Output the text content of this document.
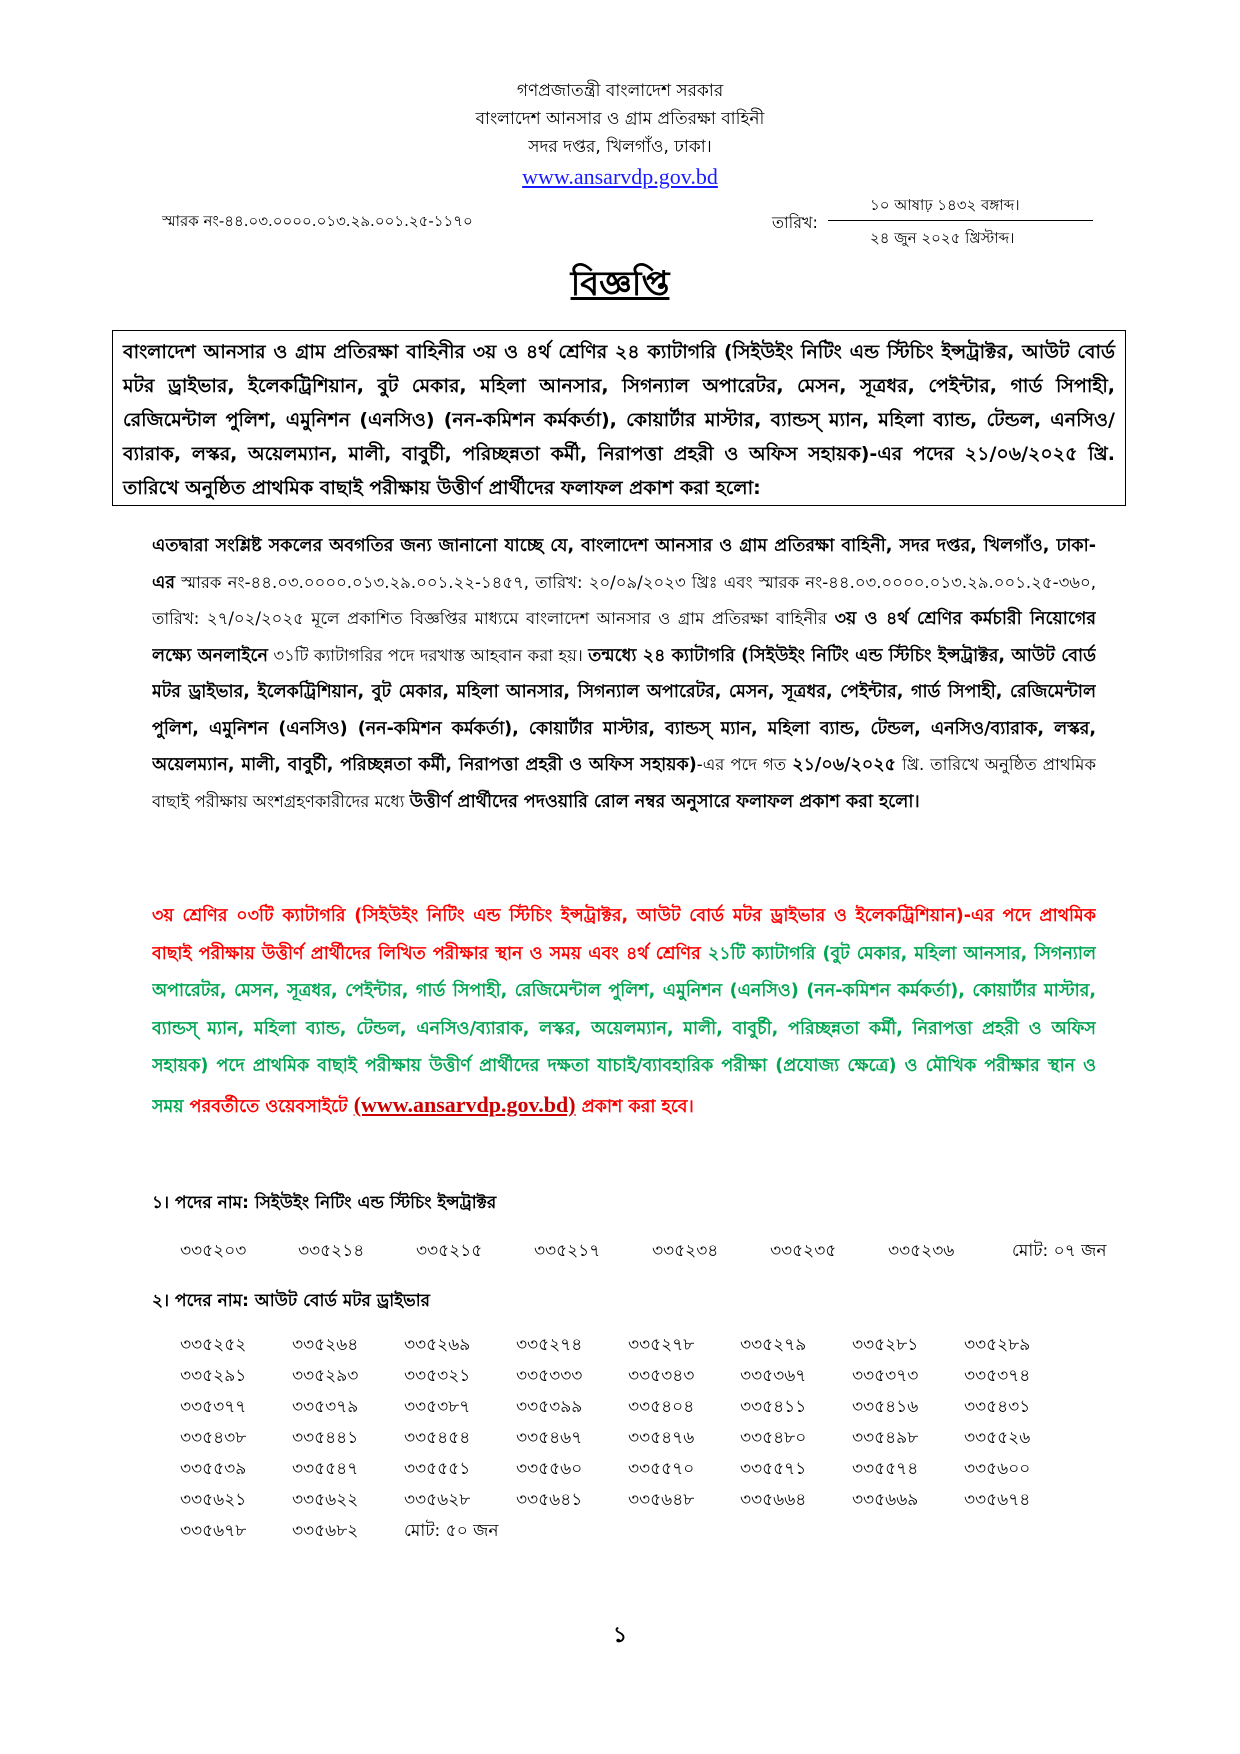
গণপ্রজাতন্ত্রী বাংলাদেশ সরকার
বাংলাদেশ আনসার ও গ্রাম প্রতিরক্ষা বাহিনী
সদর দপ্তর, খিলগাঁও, ঢাকা।
www.ansarvdp.gov.bd
স্মারক নং-৪৪.০৩.০০০০.০১৩.২৯.০০১.২৫-১১৭০	তারিখ:
১০ আষাঢ় ১৪৩২ বঙ্গাব্দ।
২৪ জুন ২০২৫ খ্রিস্টাব্দ।
বিজ্ঞপ্তি
বাংলাদেশ আনসার ও গ্রাম প্রতিরক্ষা বাহিনীর ৩য় ও ৪র্থ শ্রেণির ২৪ ক্যাটাগরি (সিইউইং নিটিং এন্ড স্টিচিং ইন্সট্রাক্টর, আউট বোর্ড মটর ড্রাইভার, ইলেকট্রিশিয়ান, বুট মেকার, মহিলা আনসার, সিগন্যাল অপারেটর, মেসন, সূত্রধর, পেইন্টার, গার্ড সিপাহী, রেজিমেন্টাল পুলিশ, এমুনিশন (এনসিও) (নন-কমিশন কর্মকর্তা), কোয়ার্টার মাস্টার, ব্যান্ডস্ ম্যান, মহিলা ব্যান্ড, টেন্ডল, এনসিও/ব্যারাক, লস্কর, অয়েলম্যান, মালী, বাবুর্চী, পরিচ্ছন্নতা কর্মী, নিরাপত্তা প্রহরী ও অফিস সহায়ক)-এর পদের ২১/০৬/২০২৫ খ্রি. তারিখে অনুষ্ঠিত প্রাথমিক বাছাই পরীক্ষায় উত্তীর্ণ প্রার্থীদের ফলাফল প্রকাশ করা হলো:
এতদ্বারা সংশ্লিষ্ট সকলের অবগতির জন্য জানানো যাচ্ছে যে, বাংলাদেশ আনসার ও গ্রাম প্রতিরক্ষা বাহিনী, সদর দপ্তর, খিলগাঁও, ঢাকা-এর স্মারক নং-৪৪.০৩.০০০০.০১৩.২৯.০০১.২২-১৪৫৭, তারিখ: ২০/০৯/২০২৩ খ্রিঃ এবং স্মারক নং-৪৪.০৩.০০০০.০১৩.২৯.০০১.২৫-৩৬০, তারিখ: ২৭/০২/২০২৫ মূলে প্রকাশিত বিজ্ঞপ্তির মাধ্যমে বাংলাদেশ আনসার ও গ্রাম প্রতিরক্ষা বাহিনীর ৩য় ও ৪র্থ শ্রেণির কর্মচারী নিয়োগের লক্ষ্যে অনলাইনে ৩১টি ক্যাটাগরির পদে দরখাস্ত আহবান করা হয়। তন্মধ্যে ২৪ ক্যাটাগরি (সিইউইং নিটিং এন্ড স্টিচিং ইন্সট্রাক্টর, আউট বোর্ড মটর ড্রাইভার, ইলেকট্রিশিয়ান, বুট মেকার, মহিলা আনসার, সিগন্যাল অপারেটর, মেসন, সূত্রধর, পেইন্টার, গার্ড সিপাহী, রেজিমেন্টাল পুলিশ, এমুনিশন (এনসিও) (নন-কমিশন কর্মকর্তা), কোয়ার্টার মাস্টার, ব্যান্ডস্ ম্যান, মহিলা ব্যান্ড, টেন্ডল, এনসিও/ব্যারাক, লস্কর, অয়েলম্যান, মালী, বাবুর্চী, পরিচ্ছন্নতা কর্মী, নিরাপত্তা প্রহরী ও অফিস সহায়ক)-এর পদে গত ২১/০৬/২০২৫ খ্রি. তারিখে অনুষ্ঠিত প্রাথমিক বাছাই পরীক্ষায় অংশগ্রহণকারীদের মধ্যে উত্তীর্ণ প্রার্থীদের পদওয়ারি রোল নম্বর অনুসারে ফলাফল প্রকাশ করা হলো।
৩য় শ্রেণির ০৩টি ক্যাটাগরি (সিইউইং নিটিং এন্ড স্টিচিং ইন্সট্রাক্টর, আউট বোর্ড মটর ড্রাইভার ও ইলেকট্রিশিয়ান)-এর পদে প্রাথমিক বাছাই পরীক্ষায় উত্তীর্ণ প্রার্থীদের লিখিত পরীক্ষার স্থান ও সময় এবং ৪র্থ শ্রেণির ২১টি ক্যাটাগরি (বুট মেকার, মহিলা আনসার, সিগন্যাল অপারেটর, মেসন, সূত্রধর, পেইন্টার, গার্ড সিপাহী, রেজিমেন্টাল পুলিশ, এমুনিশন (এনসিও) (নন-কমিশন কর্মকর্তা), কোয়ার্টার মাস্টার, ব্যান্ডস্ ম্যান, মহিলা ব্যান্ড, টেন্ডল, এনসিও/ব্যারাক, লস্কর, অয়েলম্যান, মালী, বাবুর্চী, পরিচ্ছন্নতা কর্মী, নিরাপত্তা প্রহরী ও অফিস সহায়ক) পদে প্রাথমিক বাছাই পরীক্ষায় উত্তীর্ণ প্রার্থীদের দক্ষতা যাচাই/ব্যাবহারিক পরীক্ষা (প্রযোজ্য ক্ষেত্রে) ও মৌখিক পরীক্ষার স্থান ও সময় পরবর্তীতে ওয়েবসাইটে (www.ansarvdp.gov.bd) প্রকাশ করা হবে।
১। পদের নাম: সিইউইং নিটিং এন্ড স্টিচিং ইন্সট্রাক্টর
৩৩৫২০৩	৩৩৫২১৪	৩৩৫২১৫	৩৩৫২১৭	৩৩৫২৩৪	৩৩৫২৩৫	৩৩৫২৩৬	মোট: ০৭ জন
২। পদের নাম: আউট বোর্ড মটর ড্রাইভার
৩৩৫২৫২	৩৩৫২৬৪	৩৩৫২৬৯	৩৩৫২৭৪	৩৩৫২৭৮	৩৩৫২৭৯	৩৩৫২৮১	৩৩৫২৮৯
৩৩৫২৯১	৩৩৫২৯৩	৩৩৫৩২১	৩৩৫৩৩৩	৩৩৫৩৪৩	৩৩৫৩৬৭	৩৩৫৩৭৩	৩৩৫৩৭৪
৩৩৫৩৭৭	৩৩৫৩৭৯	৩৩৫৩৮৭	৩৩৫৩৯৯	৩৩৫৪০৪	৩৩৫৪১১	৩৩৫৪১৬	৩৩৫৪৩১
৩৩৫৪৩৮	৩৩৫৪৪১	৩৩৫৪৫৪	৩৩৫৪৬৭	৩৩৫৪৭৬	৩৩৫৪৮০	৩৩৫৪৯৮	৩৩৫৫২৬
৩৩৫৫৩৯	৩৩৫৫৪৭	৩৩৫৫৫১	৩৩৫৫৬০	৩৩৫৫৭০	৩৩৫৫৭১	৩৩৫৫৭৪	৩৩৫৬০০
৩৩৫৬২১	৩৩৫৬২২	৩৩৫৬২৮	৩৩৫৬৪১	৩৩৫৬৪৮	৩৩৫৬৬৪	৩৩৫৬৬৯	৩৩৫৬৭৪
৩৩৫৬৭৮	৩৩৫৬৮২	মোট: ৫০ জন
১
